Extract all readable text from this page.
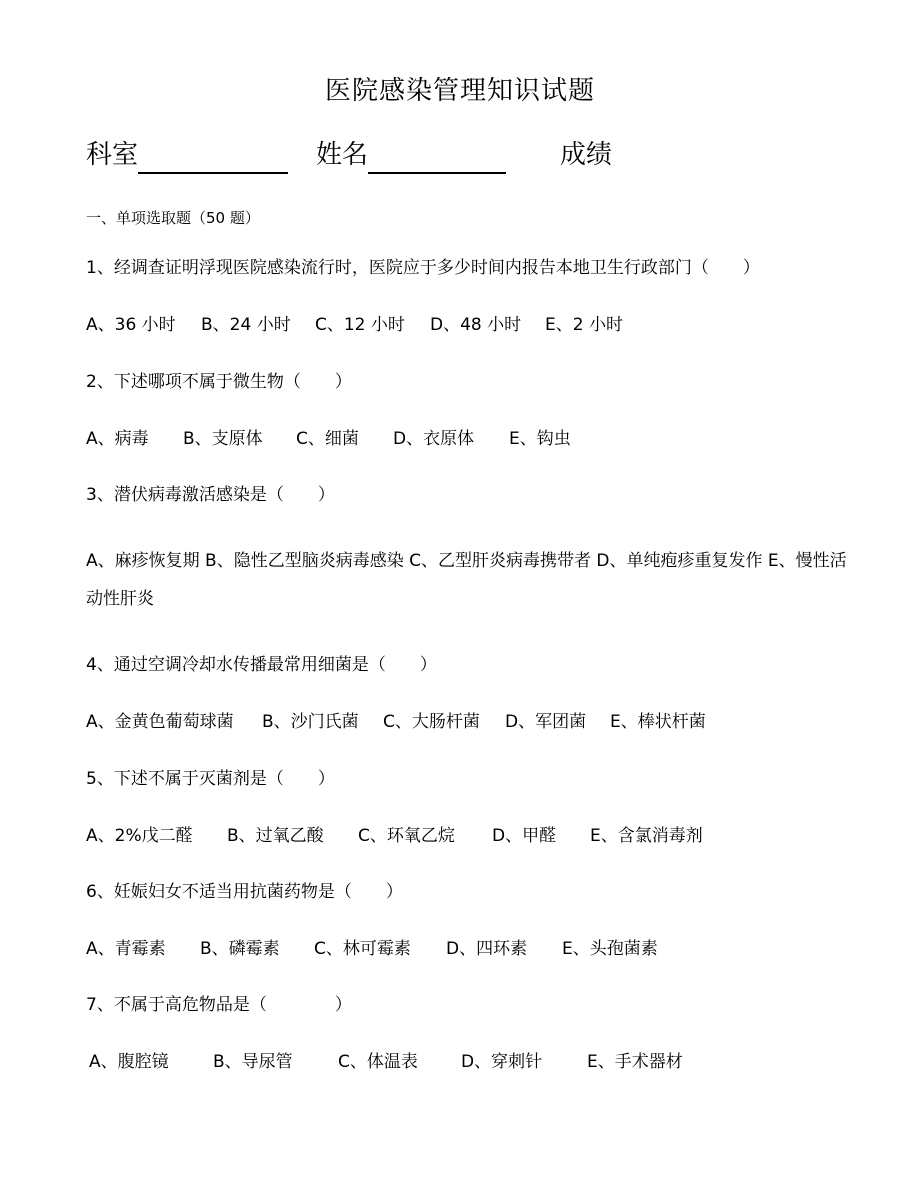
医院感染管理知识试题
科室	姓名	成绩
一、单项选取题（50 题）
1、经调查证明浮现医院感染流行时，医院应于多少时间内报告本地卫生行政部门（　　）
A、36 小时 B、24 小时 C、12 小时 D、48 小时 E、2 小时
2、下述哪项不属于微生物（　　）
A、病毒 B、支原体 C、细菌 D、衣原体 E、钩虫
3、潜伏病毒激活感染是（　　）
A、麻疹恢复期 B、隐性乙型脑炎病毒感染 C、乙型肝炎病毒携带者 D、单纯疱疹重复发作 E、慢性活动性肝炎
4、通过空调冷却水传播最常用细菌是（　　）
A、金黄色葡萄球菌 B、沙门氏菌 C、大肠杆菌 D、军团菌 E、棒状杆菌
5、下述不属于灭菌剂是（　　）
A、2%戊二醛 B、过氧乙酸 C、环氧乙烷 D、甲醛 E、含氯消毒剂
6、妊娠妇女不适当用抗菌药物是（　　）
A、青霉素 B、磷霉素 C、林可霉素 D、四环素 E、头孢菌素
7、不属于高危物品是（　　　　）
A、腹腔镜	B、导尿管	C、体温表	D、穿刺针	E、手术器材
